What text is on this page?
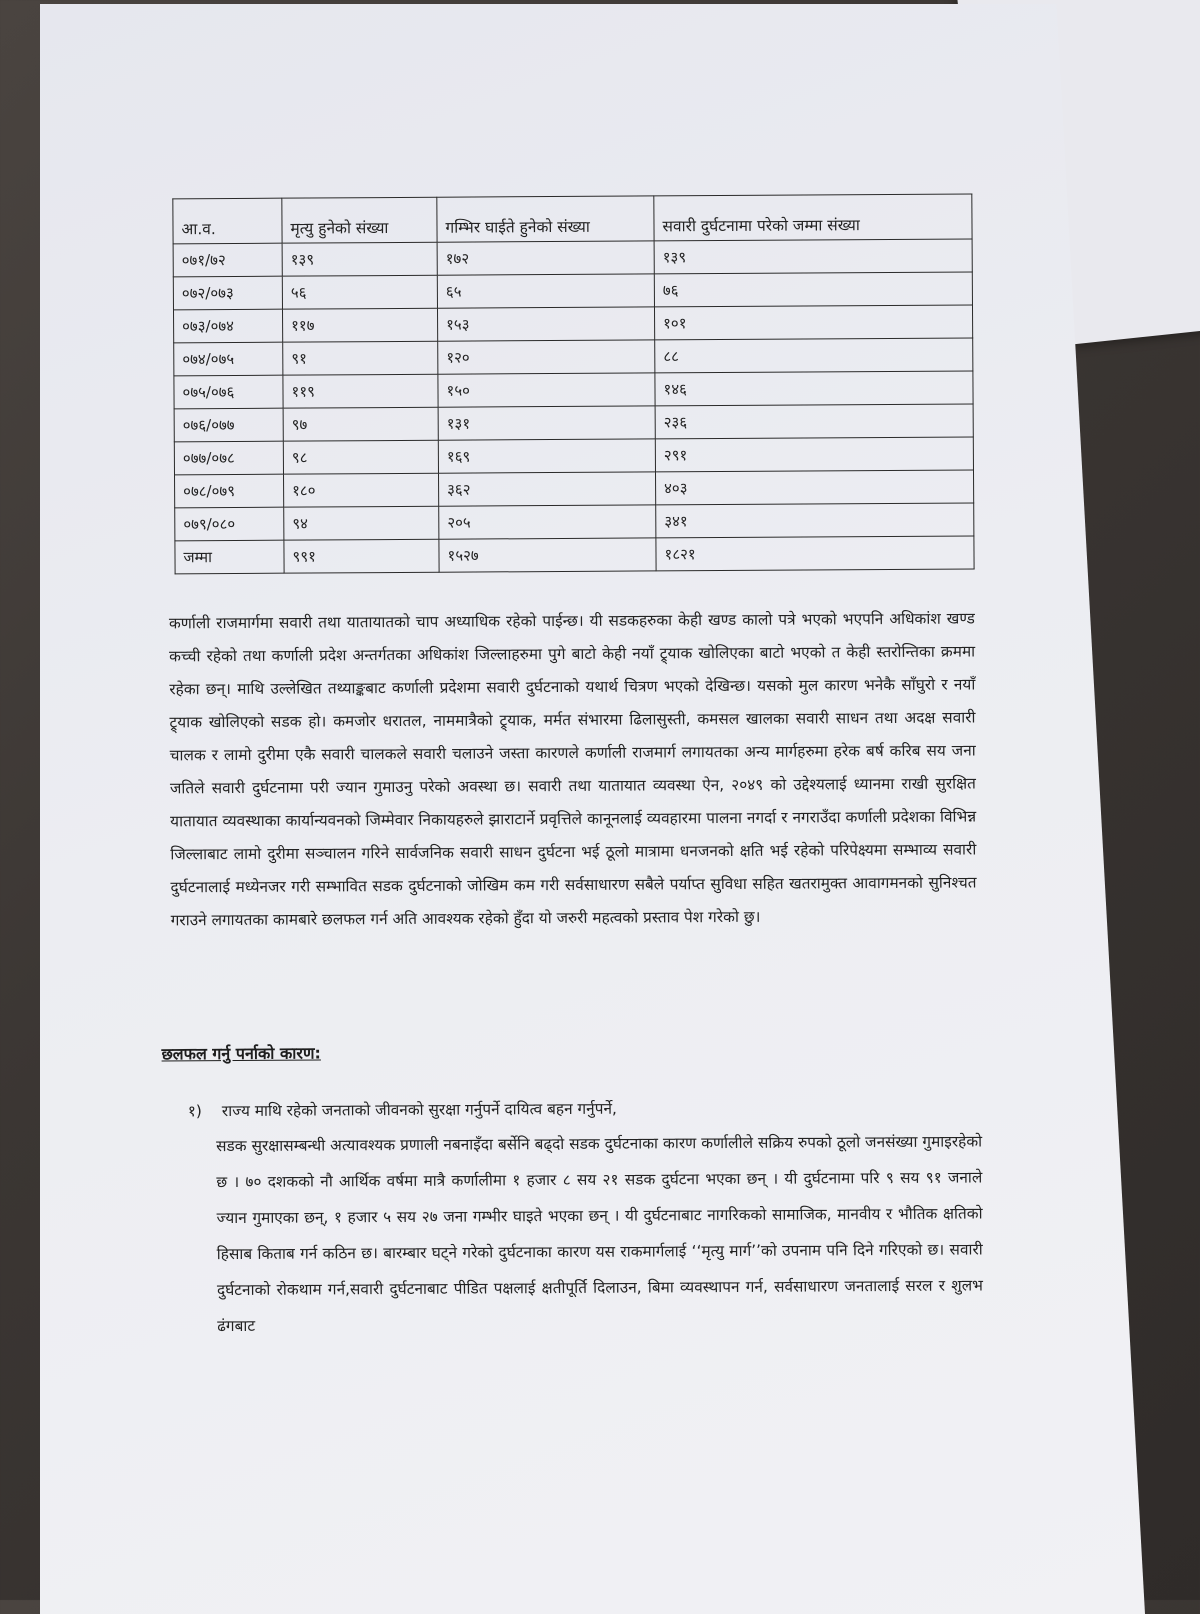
आ.व.	मृत्यु हुनेको संख्या	गम्भिर घाईते हुनेको संख्या	सवारी दुर्घटनामा परेको जम्मा संख्या
०७१/७२	१३९	१७२	१३९
०७२/०७३	५६	६५	७६
०७३/०७४	११७	१५३	१०१
०७४/०७५	९१	१२०	८८
०७५/०७६	११९	१५०	१४६
०७६/०७७	९७	१३१	२३६
०७७/०७८	९८	१६९	२९१
०७८/०७९	१८०	३६२	४०३
०७९/०८०	९४	२०५	३४१
जम्मा	९९१	१५२७	१८२१
कर्णाली राजमार्गमा सवारी तथा यातायातको चाप अध्याधिक रहेको पाईन्छ। यी सडकहरुका केही खण्ड कालो पत्रे भएको भएपनि अधिकांश खण्ड कच्ची रहेको तथा कर्णाली प्रदेश अन्तर्गतका अधिकांश जिल्लाहरुमा पुगे बाटो केही नयाँ ट्र्याक खोलिएका बाटो भएको त केही स्तरोन्तिका क्रममा रहेका छन्। माथि उल्लेखित तथ्याङ्कबाट कर्णाली प्रदेशमा सवारी दुर्घटनाको यथार्थ चित्रण भएको देखिन्छ। यसको मुल कारण भनेकै साँघुरो र नयाँ ट्र्याक खोलिएको सडक हो। कमजोर धरातल, नाममात्रैको ट्र्याक, मर्मत संभारमा ढिलासुस्ती, कमसल खालका सवारी साधन तथा अदक्ष सवारी चालक र लामो दुरीमा एकै सवारी चालकले सवारी चलाउने जस्ता कारणले कर्णाली राजमार्ग लगायतका अन्य मार्गहरुमा हरेक बर्ष करिब सय जना जतिले सवारी दुर्घटनामा परी ज्यान गुमाउनु परेको अवस्था छ। सवारी तथा यातायात व्यवस्था ऐन, २०४९ को उद्देश्यलाई ध्यानमा राखी सुरक्षित यातायात व्यवस्थाका कार्यान्यवनको जिम्मेवार निकायहरुले झाराटार्ने प्रवृत्तिले कानूनलाई व्यवहारमा पालना नगर्दा र नगराउँदा कर्णाली प्रदेशका विभिन्न जिल्लाबाट लामो दुरीमा सञ्चालन गरिने सार्वजनिक सवारी साधन दुर्घटना भई ठूलो मात्रामा धनजनको क्षति भई रहेको परिपेक्ष्यमा सम्भाव्य सवारी दुर्घटनालाई मध्येनजर गरी सम्भावित सडक दुर्घटनाको जोखिम कम गरी सर्वसाधारण सबैले पर्याप्त सुविधा सहित खतरामुक्त आवागमनको सुनिश्चत गराउने लगायतका कामबारे छलफल गर्न अति आवश्यक रहेको हुँदा यो जरुरी महत्वको प्रस्ताव पेश गरेको छु।
छलफल गर्नु पर्नाको कारण:
१) राज्य माथि रहेको जनताको जीवनको सुरक्षा गर्नुपर्ने दायित्व बहन गर्नुपर्ने,
सडक सुरक्षासम्बन्धी अत्यावश्यक प्रणाली नबनाइँदा बर्सेनि बढ्दो सडक दुर्घटनाका कारण कर्णालीले सक्रिय रुपको ठूलो जनसंख्या गुमाइरहेको छ । ७० दशकको नौ आर्थिक वर्षमा मात्रै कर्णालीमा १ हजार ८ सय २१ सडक दुर्घटना भएका छन् । यी दुर्घटनामा परि ९ सय ९१ जनाले ज्यान गुमाएका छन्, १ हजार ५ सय २७ जना गम्भीर घाइते भएका छन् । यी दुर्घटनाबाट नागरिकको सामाजिक, मानवीय र भौतिक क्षतिको हिसाब किताब गर्न कठिन छ। बारम्बार घट्ने गरेको दुर्घटनाका कारण यस राकमार्गलाई ‘‘मृत्यु मार्ग’’को उपनाम पनि दिने गरिएको छ। सवारी दुर्घटनाको रोकथाम गर्न,सवारी दुर्घटनाबाट पीडित पक्षलाई क्षतीपूर्ति दिलाउन, बिमा व्यवस्थापन गर्न, सर्वसाधारण जनतालाई सरल र शुलभ ढंगबाट
